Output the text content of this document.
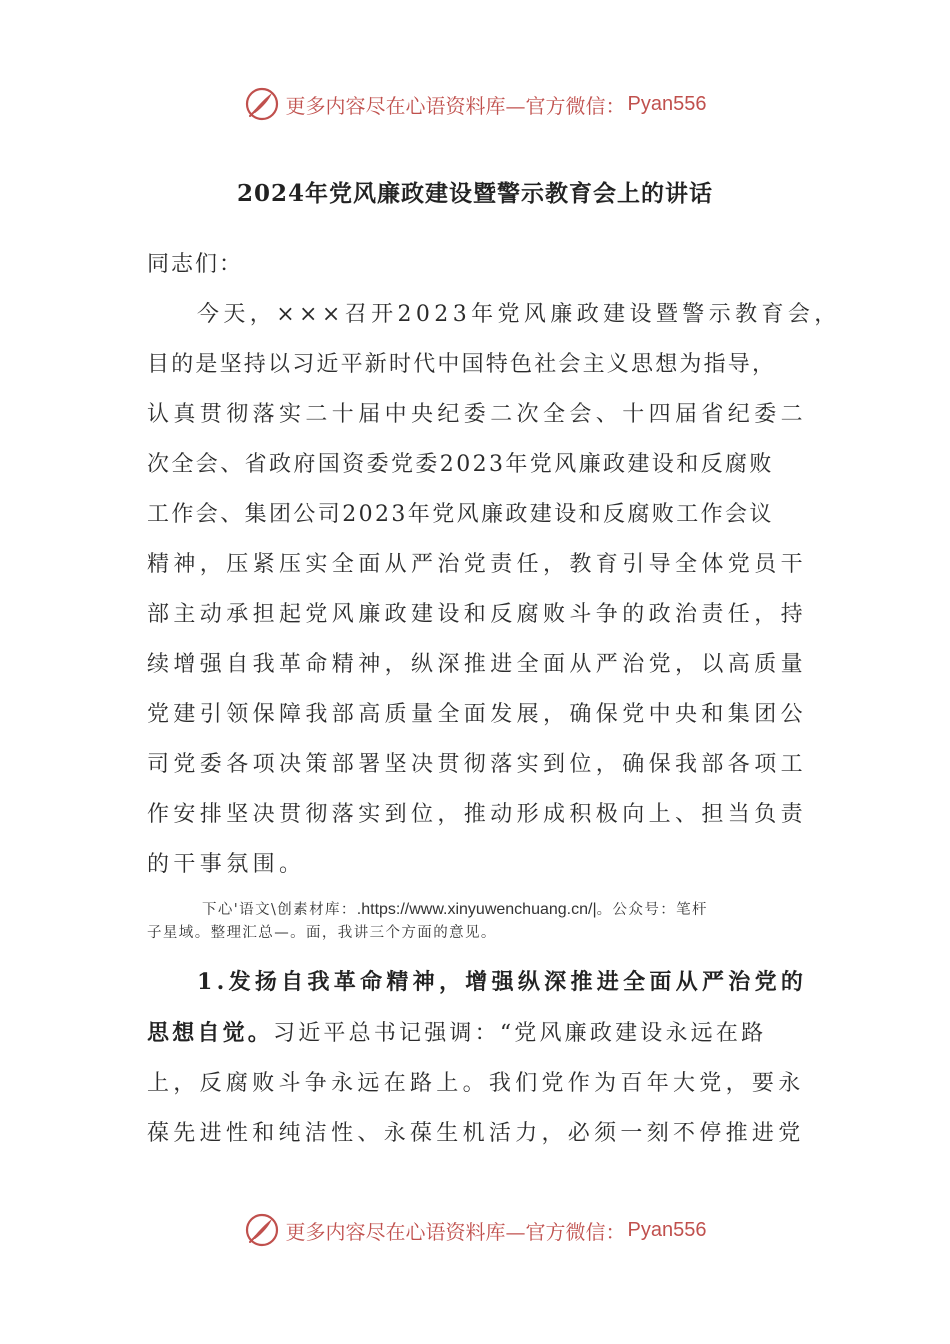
更多内容尽在心语资料库—官方微信： Pyan556
2024年党风廉政建设暨警示教育会上的讲话
同志们：
今天，×××召开2023年党风廉政建设暨警示教育会，
目的是坚持以习近平新时代中国特色社会主义思想为指导，
认真贯彻落实二十届中央纪委二次全会、十四届省纪委二
次全会、省政府国资委党委2023年党风廉政建设和反腐败
工作会、集团公司2023年党风廉政建设和反腐败工作会议
精神，压紧压实全面从严治党责任，教育引导全体党员干
部主动承担起党风廉政建设和反腐败斗争的政治责任，持
续增强自我革命精神，纵深推进全面从严治党，以高质量
党建引领保障我部高质量全面发展，确保党中央和集团公
司党委各项决策部署坚决贯彻落实到位，确保我部各项工
作安排坚决贯彻落实到位，推动形成积极向上、担当负责
的干事氛围。
下心'语文\创素材库：.https://www.xinyuwenchuang.cn/|。公众号：笔杆
子星域。整理汇总—。面，我讲三个方面的意见。
1.发扬自我革命精神，增强纵深推进全面从严治党的
思想自觉。习近平总书记强调：“党风廉政建设永远在路
上，反腐败斗争永远在路上。我们党作为百年大党，要永
葆先进性和纯洁性、永葆生机活力，必须一刻不停推进党
更多内容尽在心语资料库—官方微信： Pyan556
